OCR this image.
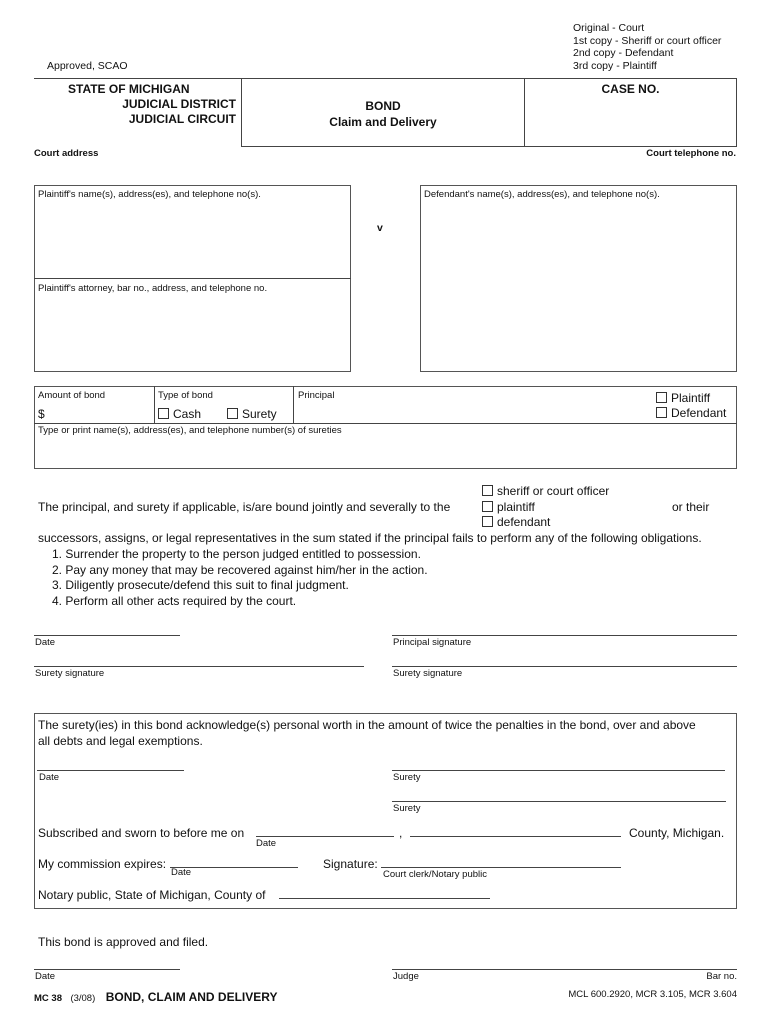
Original - Court
1st copy - Sheriff or court officer
2nd copy - Defendant
3rd copy - Plaintiff
Approved, SCAO
STATE OF MICHIGAN
JUDICIAL DISTRICT
JUDICIAL CIRCUIT
BOND
Claim and Delivery
CASE NO.
Court address	Court telephone no.
Plaintiff's name(s), address(es), and telephone no(s).
Plaintiff's attorney, bar no., address, and telephone no.
v
Defendant's name(s), address(es), and telephone no(s).
Amount of bond
$
Type of bond
Cash	Surety
Principal	Plaintiff
Defendant
Type or print name(s), address(es), and telephone number(s) of sureties
The principal, and surety if applicable, is/are bound jointly and severally to the
sheriff or court officer
plaintiff
defendant
or their
successors, assigns, or legal representatives in the sum stated if the principal fails to perform any of the following obligations.
1. Surrender the property to the person judged entitled to possession.
2. Pay any money that may be recovered against him/her in the action.
3. Diligently prosecute/defend this suit to final judgment.
4. Perform all other acts required by the court.
Date	Principal signature
Surety signature	Surety signature
The surety(ies) in this bond acknowledge(s) personal worth in the amount of twice the penalties in the bond, over and above
all debts and legal exemptions.
Date	Surety
Surety
Subscribed and sworn to before me on
Date
,	County, Michigan.
My commission expires:
Date
Signature:
Court clerk/Notary public
Notary public, State of Michigan, County of
This bond is approved and filed.
Date	Judge	Bar no.
MC 38 (3/08) BOND, CLAIM AND DELIVERY	MCL 600.2920, MCR 3.105, MCR 3.604
